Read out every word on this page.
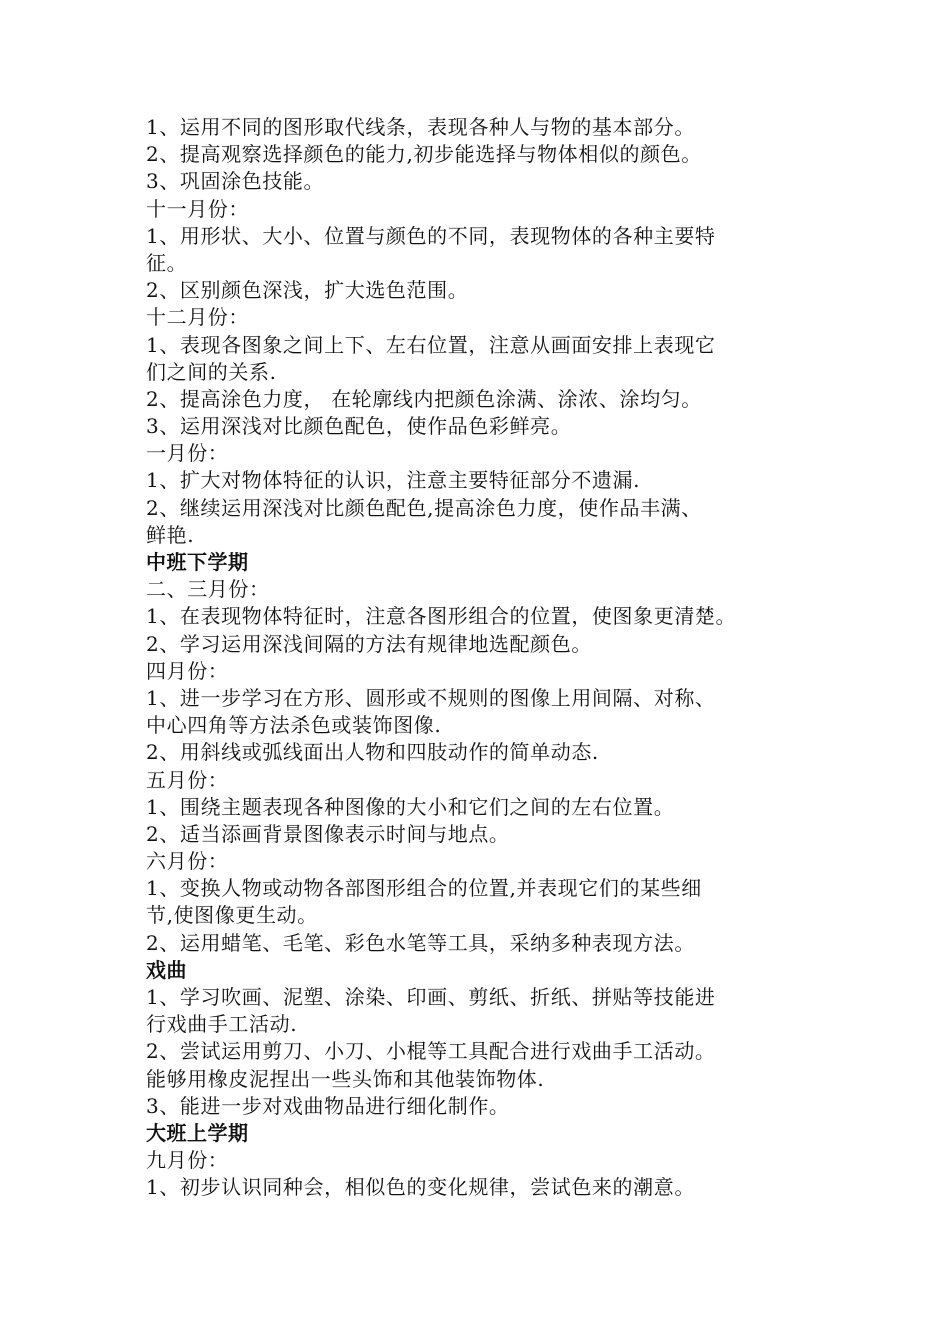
1、运用不同的图形取代线条，表现各种人与物的基本部分。
2、提高观察选择颜色的能力,初步能选择与物体相似的颜色。
3、巩固涂色技能。
十一月份：
1、用形状、大小、位置与颜色的不同，表现物体的各种主要特
征。
2、区别颜色深浅，扩大选色范围。
十二月份：
1、表现各图象之间上下、左右位置，注意从画面安排上表现它
们之间的关系.
2、提高涂色力度， 在轮廓线内把颜色涂满、涂浓、涂均匀。
3、运用深浅对比颜色配色，使作品色彩鲜亮。
一月份：
1、扩大对物体特征的认识，注意主要特征部分不遗漏.
2、继续运用深浅对比颜色配色,提高涂色力度，使作品丰满、
鲜艳.
中班下学期
二、三月份：
1、在表现物体特征时，注意各图形组合的位置，使图象更清楚。
2、学习运用深浅间隔的方法有规律地选配颜色。
四月份：
1、进一步学习在方形、圆形或不规则的图像上用间隔、对称、
中心四角等方法杀色或装饰图像.
2、用斜线或弧线面出人物和四肢动作的简单动态.
五月份：
1、围绕主题表现各种图像的大小和它们之间的左右位置。
2、适当添画背景图像表示时间与地点。
六月份：
1、变换人物或动物各部图形组合的位置,并表现它们的某些细
节,使图像更生动。
2、运用蜡笔、毛笔、彩色水笔等工具，采纳多种表现方法。
戏曲
1、学习吹画、泥塑、涂染、印画、剪纸、折纸、拼贴等技能进
行戏曲手工活动.
2、尝试运用剪刀、小刀、小棍等工具配合进行戏曲手工活动。
能够用橡皮泥捏出一些头饰和其他装饰物体.
3、能进一步对戏曲物品进行细化制作。
大班上学期
九月份：
1、初步认识同种会，相似色的变化规律，尝试色来的潮意。
